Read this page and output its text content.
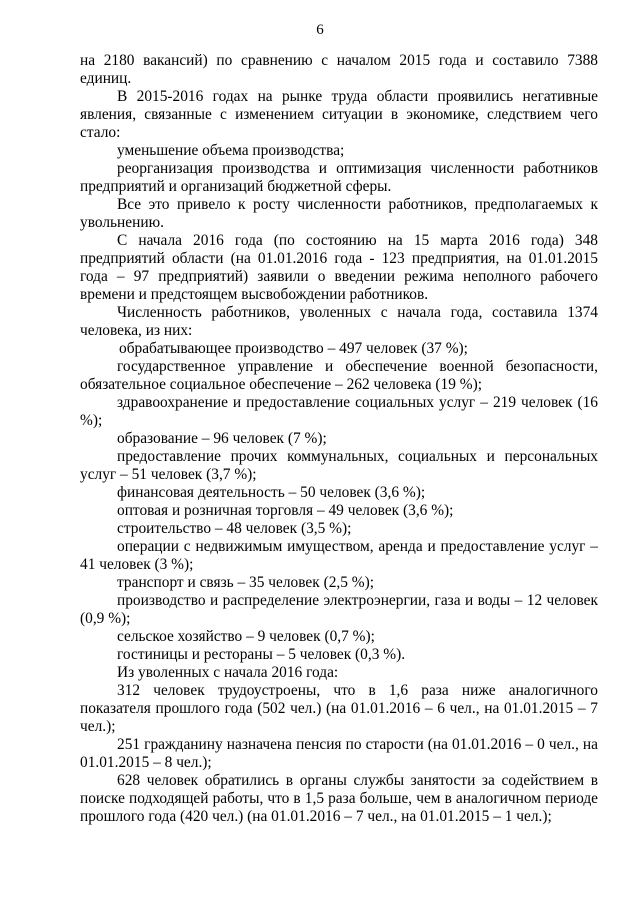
6

на 2180 вакансий) по сравнению с началом 2015 года и составило 7388 единиц.

В 2015-2016 годах на рынке труда области проявились негативные явления, связанные с изменением ситуации в экономике, следствием чего стало:

уменьшение объема производства;

реорганизация производства и оптимизация численности работников предприятий и организаций бюджетной сферы.

Все это привело к росту численности работников, предполагаемых к увольнению.

С начала 2016 года (по состоянию на 15 марта 2016 года) 348 предприятий области (на 01.01.2016 года - 123 предприятия, на 01.01.2015 года – 97 предприятий) заявили о введении режима неполного рабочего времени и предстоящем высвобождении работников.

Численность работников, уволенных с начала года, составила 1374 человека, из них:

обрабатывающее производство – 497 человек (37 %);

государственное управление и обеспечение военной безопасности, обязательное социальное обеспечение – 262 человека (19 %);

здравоохранение и предоставление социальных услуг – 219 человек (16 %);

образование – 96 человек (7 %);

предоставление прочих коммунальных, социальных и персональных услуг – 51 человек (3,7 %);

финансовая деятельность – 50 человек (3,6 %);

оптовая и розничная торговля – 49 человек (3,6 %);

строительство – 48 человек (3,5 %);

операции с недвижимым имуществом, аренда и предоставление услуг – 41 человек (3 %);

транспорт и связь – 35 человек (2,5 %);

производство и распределение электроэнергии, газа и воды – 12 человек (0,9 %);

сельское хозяйство – 9 человек (0,7 %);

гостиницы и рестораны – 5 человек (0,3 %).

Из уволенных с начала 2016 года:

312 человек трудоустроены, что в 1,6 раза ниже аналогичного показателя прошлого года (502 чел.) (на 01.01.2016 – 6 чел., на 01.01.2015 – 7 чел.);

251 гражданину назначена пенсия по старости (на 01.01.2016 – 0 чел., на 01.01.2015 – 8 чел.);

628 человек обратились в органы службы занятости за содействием в поиске подходящей работы, что в 1,5 раза больше, чем в аналогичном периоде прошлого года (420 чел.) (на 01.01.2016 – 7 чел., на 01.01.2015 – 1 чел.);
